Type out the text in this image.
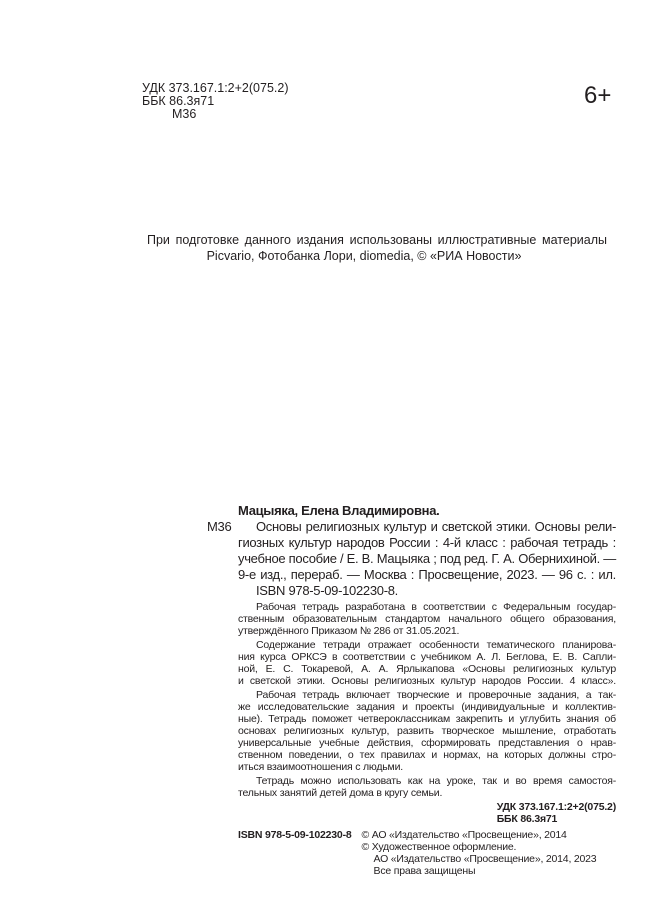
УДК 373.167.1:2+2(075.2)
ББК 86.3я71
М36
6+
При подготовке данного издания использованы иллюстративные материалы
Picvario, Фотобанка Лори, diomedia, © «РИА Новости»
Мацыяка, Елена Владимировна.
М36	Основы религиозных культур и светской этики. Основы рели-
гиозных культур народов России : 4-й класс : рабочая тетрадь :
учебное пособие / Е. В. Мацыяка ; под ред. Г. А. Обернихиной. —
9-е изд., перераб. — Москва : Просвещение, 2023. — 96 с. : ил.
ISBN 978-5-09-102230-8.
Рабочая тетрадь разработана в соответствии с Федеральным государ-
ственным образовательным стандартом начального общего образования,
утверждённого Приказом № 286 от 31.05.2021.
Содержание тетради отражает особенности тематического планирова-
ния курса ОРКСЭ в соответствии с учебником А. Л. Беглова, Е. В. Сапли-
ной, Е. С. Токаревой, А. А. Ярлыкапова «Основы религиозных культур
и светской этики. Основы религиозных культур народов России. 4 класс».
Рабочая тетрадь включает творческие и проверочные задания, а так-
же исследовательские задания и проекты (индивидуальные и коллектив-
ные). Тетрадь поможет четвероклассникам закрепить и углубить знания об
основах религиозных культур, развить творческое мышление, отработать
универсальные учебные действия, сформировать представления о нрав-
ственном поведении, о тех правилах и нормах, на которых должны стро-
иться взаимоотношения с людьми.
Тетрадь можно использовать как на уроке, так и во время самостоя-
тельных занятий детей дома в кругу семьи.
УДК 373.167.1:2+2(075.2)
ББК 86.3я71
ISBN 978-5-09-102230-8 © АО «Издательство «Просвещение», 2014
© Художественное оформление.
АО «Издательство «Просвещение», 2014, 2023
Все права защищены
